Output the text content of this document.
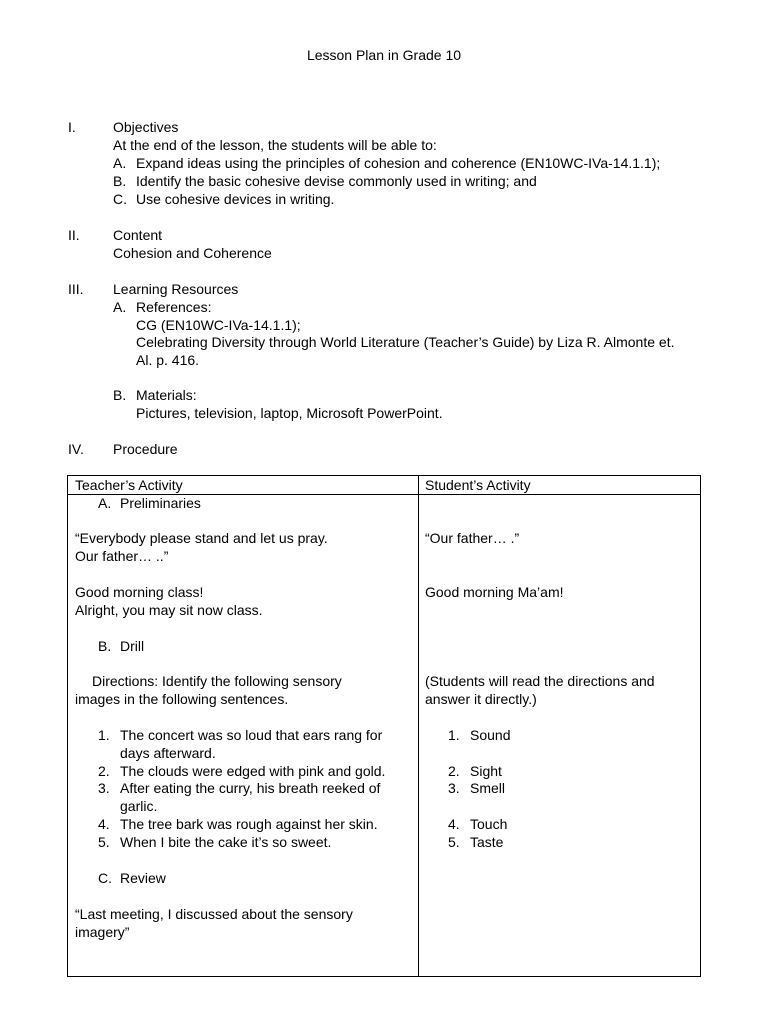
Lesson Plan in Grade 10
I.	Objectives
At the end of the lesson, the students will be able to:
A. Expand ideas using the principles of cohesion and coherence (EN10WC-IVa-14.1.1);
B. Identify the basic cohesive devise commonly used in writing; and
C. Use cohesive devices in writing.
II. Content
Cohesion and Coherence
III. Learning Resources
A. References:
CG (EN10WC-IVa-14.1.1);
Celebrating Diversity through World Literature (Teacher’s Guide) by Liza R. Almonte et.
Al. p. 416.
B. Materials:
Pictures, television, laptop, Microsoft PowerPoint.
IV. Procedure
Teacher’s Activity	Student’s Activity
A. Preliminaries
“Everybody please stand and let us pray.
Our father… ..”
Good morning class!
Alright, you may sit now class.
B. Drill
Directions: Identify the following sensory
images in the following sentences.
1. The concert was so loud that ears rang for
days afterward.
2. The clouds were edged with pink and gold.
3. After eating the curry, his breath reeked of
garlic.
4. The tree bark was rough against her skin.
5. When I bite the cake it’s so sweet.
C. Review
“Last meeting, I discussed about the sensory
imagery”
“Our father… .”
Good morning Ma’am!
(Students will read the directions and
answer it directly.)
1. Sound
2. Sight
3. Smell
4. Touch
5. Taste
